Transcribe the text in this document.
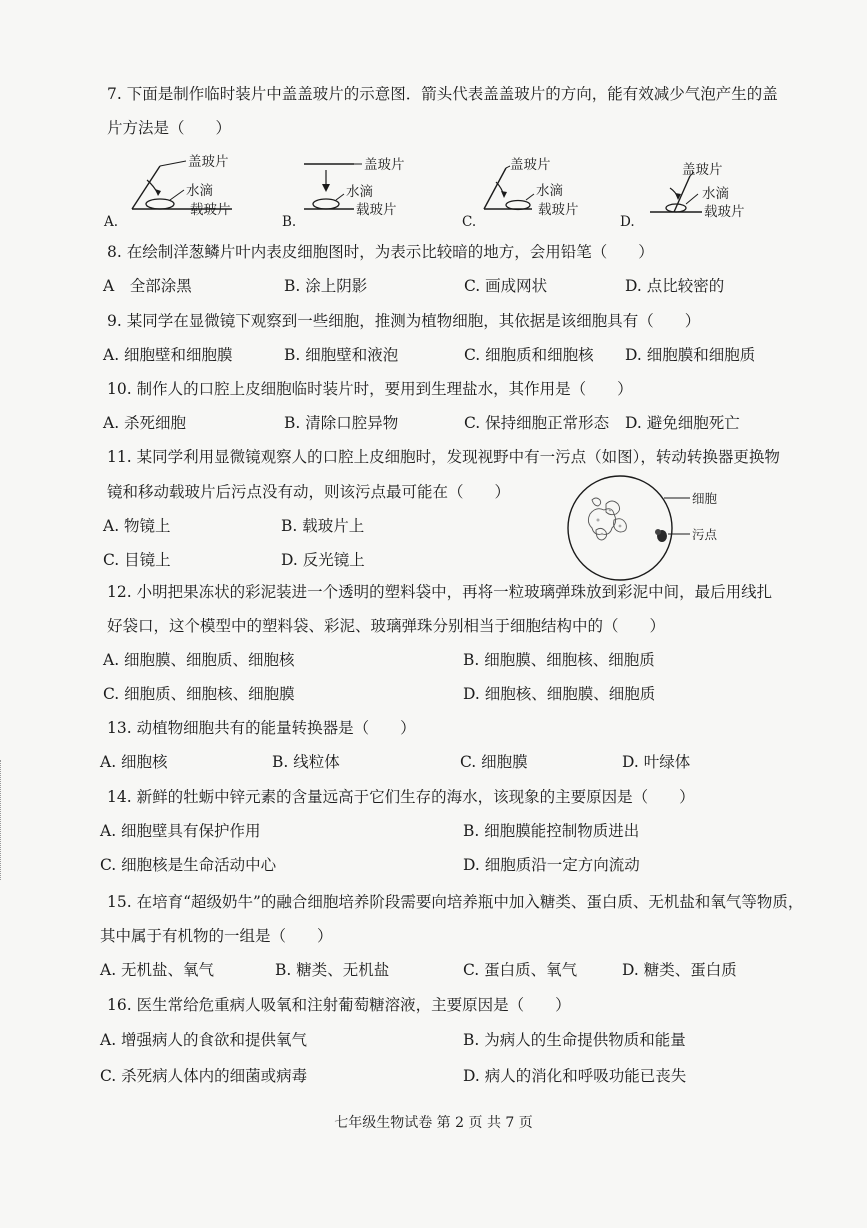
7. 下面是制作临时装片中盖盖玻片的示意图．箭头代表盖盖玻片的方向，能有效减少气泡产生的盖
片方法是（　　）
A.
盖玻片
水滴
载玻片
B.
盖玻片
水滴
载玻片
C.
盖玻片
水滴
载玻片
D.
盖玻片
水滴
载玻片
8. 在绘制洋葱鳞片叶内表皮细胞图时，为表示比较暗的地方，会用铅笔（　　）
A　全部涂黑	B. 涂上阴影	C. 画成网状	D. 点比较密的
9. 某同学在显微镜下观察到一些细胞，推测为植物细胞，其依据是该细胞具有（　　）
A. 细胞壁和细胞膜	B. 细胞壁和液泡	C. 细胞质和细胞核 D. 细胞膜和细胞质
10. 制作人的口腔上皮细胞临时装片时，要用到生理盐水，其作用是（　　）
A. 杀死细胞	B. 清除口腔异物	C. 保持细胞正常形态 D. 避免细胞死亡
11. 某同学利用显微镜观察人的口腔上皮细胞时，发现视野中有一污点（如图），转动转换器更换物
镜和移动载玻片后污点没有动，则该污点最可能在（　　）
A. 物镜上	B. 载玻片上
C. 目镜上	D. 反光镜上
细胞
污点
12. 小明把果冻状的彩泥装进一个透明的塑料袋中，再将一粒玻璃弹珠放到彩泥中间，最后用线扎
好袋口，这个模型中的塑料袋、彩泥、玻璃弹珠分别相当于细胞结构中的（　　）
A. 细胞膜、细胞质、细胞核	B. 细胞膜、细胞核、细胞质
C. 细胞质、细胞核、细胞膜	D. 细胞核、细胞膜、细胞质
13. 动植物细胞共有的能量转换器是（　　）
A. 细胞核	B. 线粒体	C. 细胞膜	D. 叶绿体
14. 新鲜的牡蛎中锌元素的含量远高于它们生存的海水，该现象的主要原因是（　　）
A. 细胞壁具有保护作用	B. 细胞膜能控制物质进出
C. 细胞核是生命活动中心	D. 细胞质沿一定方向流动
15. 在培育“超级奶牛”的融合细胞培养阶段需要向培养瓶中加入糖类、蛋白质、无机盐和氧气等物质，
其中属于有机物的一组是（　　）
A. 无机盐、氧气	B. 糖类、无机盐	C. 蛋白质、氧气	D. 糖类、蛋白质
16. 医生常给危重病人吸氧和注射葡萄糖溶液，主要原因是（　　）
A. 增强病人的食欲和提供氧气	B. 为病人的生命提供物质和能量
C. 杀死病人体内的细菌或病毒	D. 病人的消化和呼吸功能已丧失
七年级生物试卷 第 2 页 共 7 页
